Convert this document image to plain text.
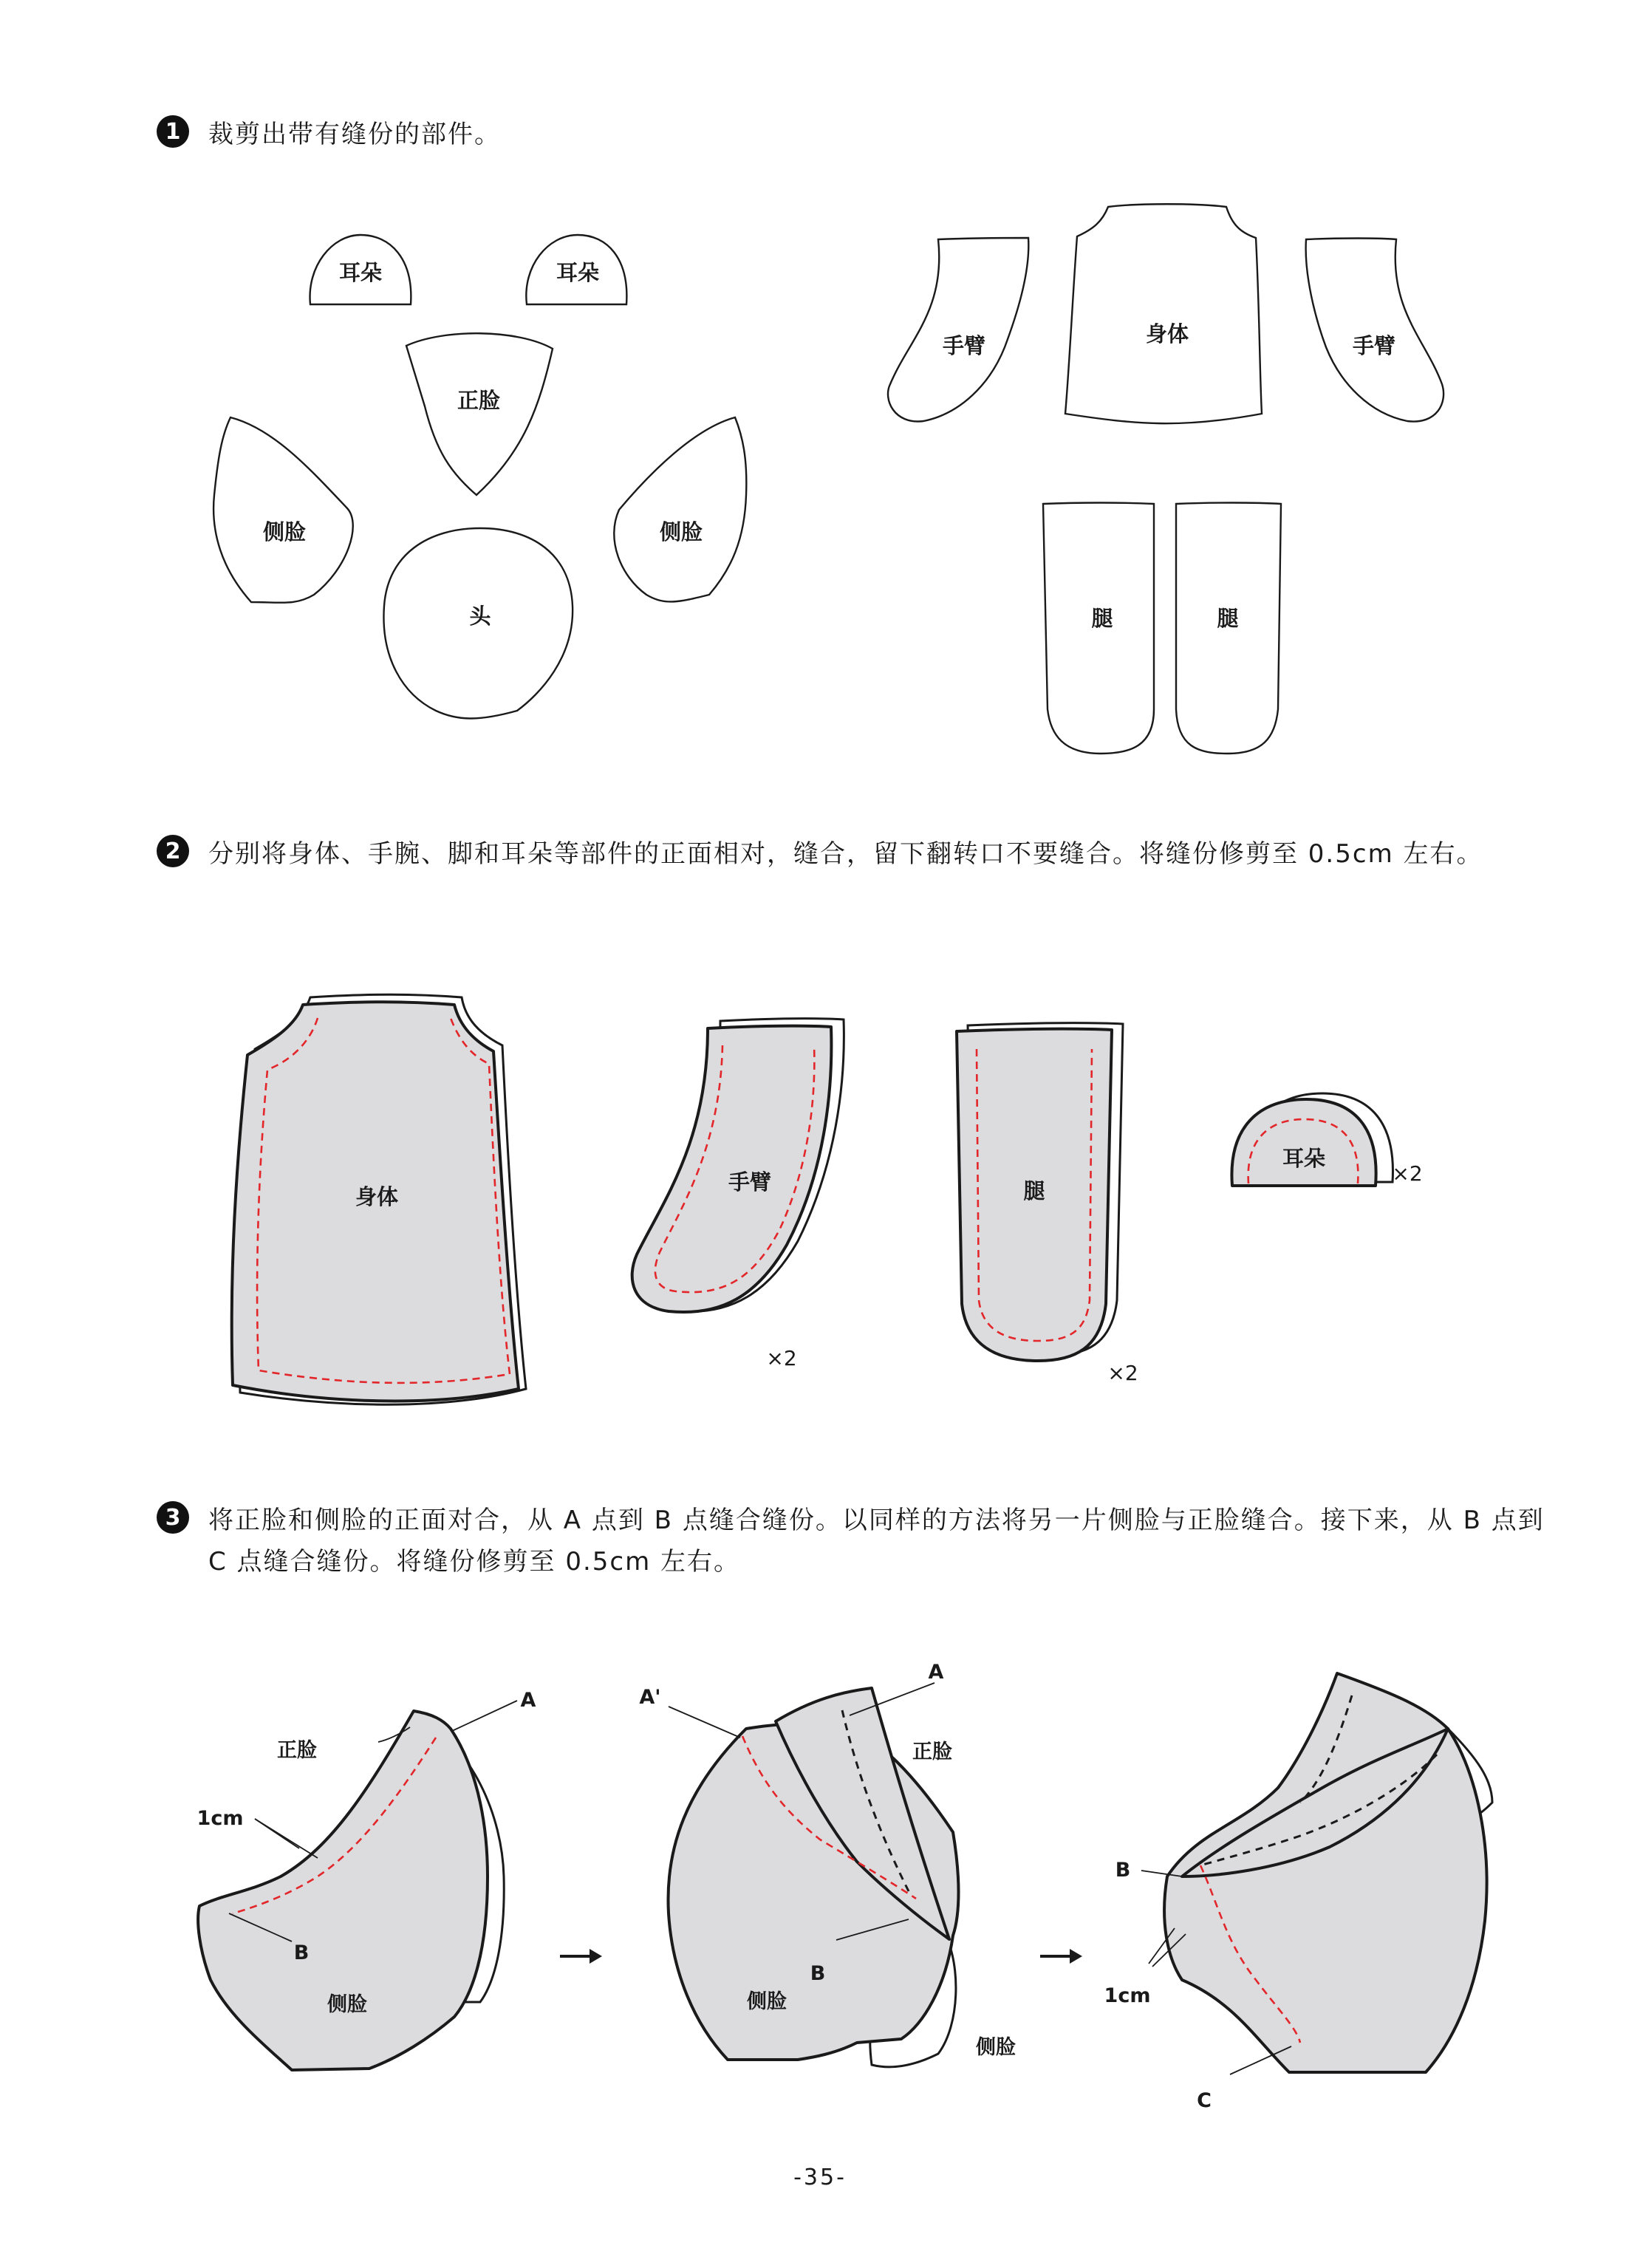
1	裁剪出带有缝份的部件。
耳朵	耳朵
正脸
侧脸	侧脸
头
手臂	身体	手臂
腿	腿
2	分别将身体、手腕、脚和耳朵等部件的正面相对，缝合，留下翻转口不要缝合。将缝份修剪至 0.5cm 左右。
身体
手臂
×2
腿
×2
耳朵
×2
3	将正脸和侧脸的正面对合，从 A 点到 B 点缝合缝份。以同样的方法将另一片侧脸与正脸缝合。接下来，从 B 点到 C 点缝合缝份。将缝份修剪至 0.5cm 左右。
正脸
A
1cm
B
侧脸
A'
A
正脸
B
侧脸
侧脸
B
1cm
C
-35-
